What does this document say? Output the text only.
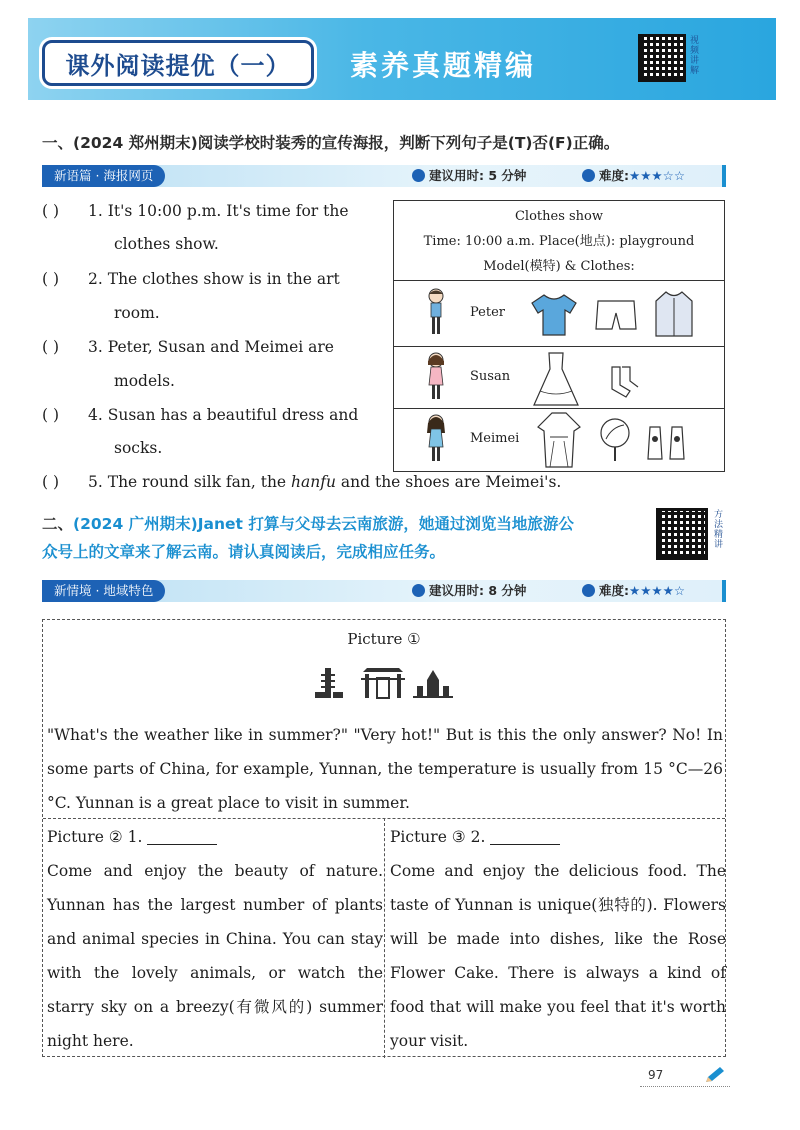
课外阅读提优（一）	素养真题精编
视频讲解
一、(2024 郑州期末)阅读学校时装秀的宣传海报，判断下列句子是(T)否(F)正确。
新语篇 · 海报网页	建议用时: 5 分钟	难度:★★★☆☆
( ) 1. It's 10:00 p.m. It's time for the
clothes show.
( ) 2. The clothes show is in the art
room.
( ) 3. Peter, Susan and Meimei are
models.
( ) 4. Susan has a beautiful dress and
socks.
( ) 5. The round silk fan, the hanfu and the shoes are Meimei's.
Clothes show
Time: 10:00 a.m. Place(地点): playground
Model(模特) & Clothes:
Peter
Susan
Meimei
二、(2024 广州期末)Janet 打算与父母去云南旅游，她通过浏览当地旅游公
众号上的文章来了解云南。请认真阅读后，完成相应任务。
方法精讲
新情境 · 地域特色	建议用时: 8 分钟	难度:★★★★☆
Picture ①
"What's the weather like in summer?" "Very hot!" But is this the only answer? No! In some parts of China, for example, Yunnan, the temperature is usually from 15 °C—26 °C. Yunnan is a great place to visit in summer.
Picture ② 1.
Come and enjoy the beauty of nature. Yunnan has the largest number of plants and animal species in China. You can stay with the lovely animals, or watch the starry sky on a breezy(有微风的) summer night here.
Picture ③ 2.
Come and enjoy the delicious food. The taste of Yunnan is unique(独特的). Flowers will be made into dishes, like the Rose Flower Cake. There is always a kind of food that will make you feel that it's worth your visit.
97
